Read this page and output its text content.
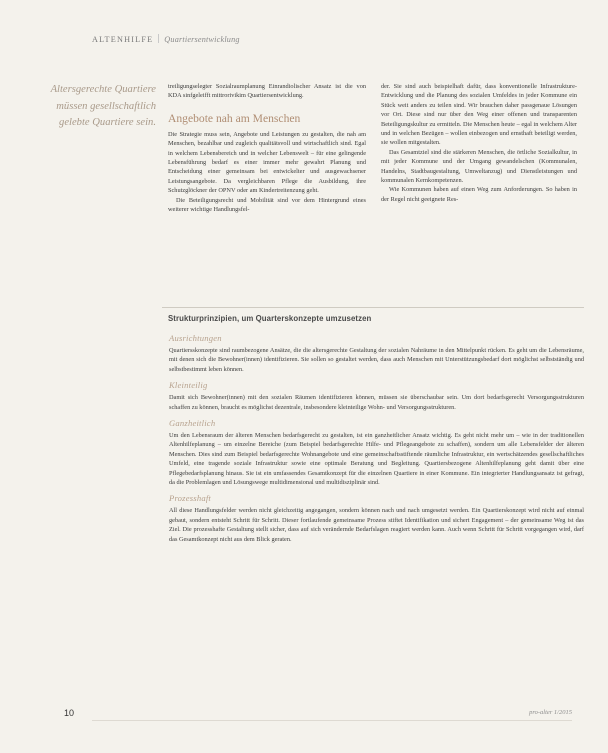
ALTENHILFE Quartiersentwicklung
Altersgerechte Quartiere müssen gesellschaftlich gelebte Quartiere sein.

treiligungselegter Sozialraumplanung Einrandiolischer Ansatz ist die von KDA sinfgeleifft mittrorivikim Quartiersentwicklung.

Angebote nah am Menschen

Die Strategie muss sein, Angebote und Leistungen zu gestalten, die nah am Menschen, bezahlbar und zugleich qualitätsvoll und wirtschaftlich sind. Egal in welchem Lebensbereich und in welcher Lebenswelt – für eine gelingende Lebensführung bedarf es einer immer mehr gewahrt Planung und Entscheidung einer gemeinsam bei entwickelter und ausgewachsener Leistungsangebote. Da vergleichbaren Pflege die Ausbildung, ihre Schutzglöckner der OPNV oder am Kindertreitenzung geht.

Die Beteiligungsrecht und Mobilität sind vor dem Hintergrund eines weiterer wichtige Handlungsfel-

der. Sie sind auch beispielhaft dafür, dass konventionelle Infrastrukture-Entwicklung und die Planung des sozialen Umfeldes in jeder Kommune ein Stück weit anders zu teilen sind. Wir brauchen daher passgenaue Lösungen vor Ort. Diese sind nur über den Weg einer offenen und transparenten Beteiligungskultur zu ermitteln. Die Menschen heute – egal in welchem Alter und in welchen Bezügen – wollen einbezogen und ernsthaft beteiligt werden, sie wollen mitgestalten.

Das Gesamtziel sind die stärkeren Menschen, die örtliche Sozialkultur, in mit jeder Kommune und der Umgang gewandelschen (Kommunalen, Handelns, Stadtbaugestaltung, Umweltanzug) und Dienstleistungen und kommunalen Kernkompetenzen.

Wie Kommunen haben auf einen Weg zum Anforderungen. So haben in der Regel nicht geeignete Res-

Strukturprinzipien, um Quarterskonzepte umzusetzen
Ausrichtungen
Quartiersskonzepte sind raumbezogene Ansätze, die die altersgerechte Gestaltung der sozialen Nahräume in den Mittelpunkt rücken. Es geht um die Lebensräume, mit denen sich die Bewohner(innen) identifizieren. Sie sollen so gestaltet werden, dass auch Menschen mit Unterstützungsbedarf dort möglichst selbstständig und selbstbestimmt leben können.
Kleinteilig
Damit sich Bewohner(innen) mit den sozialen Räumen identifizieren können, müssen sie überschaubar sein. Um dort bedarfsgerecht Versorgungsstrukturen schaffen zu können, braucht es möglichst dezentrale, insbesondere kleinteilige Wohn- und Versorgungsstrukturen.
Ganzheitlich
Um den Lebensraum der älteren Menschen bedarfsgerecht zu gestalten, ist ein ganzheitlicher Ansatz wichtig. Es geht nicht mehr um – wie in der traditionellen Altenhilfeplanung – um einzelne Bereiche (zum Beispiel bedarfsgerechte Hilfe- und Pflegeangebote zu schaffen), sondern um alle Lebensfelder der älteren Menschen. Dies sind zum Beispiel bedarfsgerechte Wohnangebote und eine gemeinschaftsstiftende räumliche Infrastruktur, ein wertschätzendes gesellschaftliches Umfeld, eine tragende soziale Infrastruktur sowie eine optimale Beratung und Begleitung. Quartiersbezogene Altenhilfeplanung geht damit über eine Pflegebedarfsplanung hinaus. Sie ist ein umfassendes Gesamtkonzept für die einzelnen Quartiere in einer Kommune. Ein integrierter Handlungsansatz ist gefragt, da die Problemlagen und Lösungswege multidimensional und multidisziplinär sind.
Prozesshaft
All diese Handlungsfelder werden nicht gleichzeitig angegangen, sondern können nach und nach umgesetzt werden. Ein Quartierskonzept wird nicht auf einmal gebaut, sondern entsteht Schritt für Schritt. Dieser fortlaufende gemeinsame Prozess stiftet Identifikation und sichert Engagement – der gemeinsame Weg ist das Ziel. Die prozesshafte Gestaltung stellt sicher, dass auf sich verändernde Bedarfslagen reagiert werden kann. Auch wenn Schritt für Schritt vorgegangen wird, darf das Gesamtkonzept nicht aus dem Blick geraten.
10	pro-alter 1/2015
